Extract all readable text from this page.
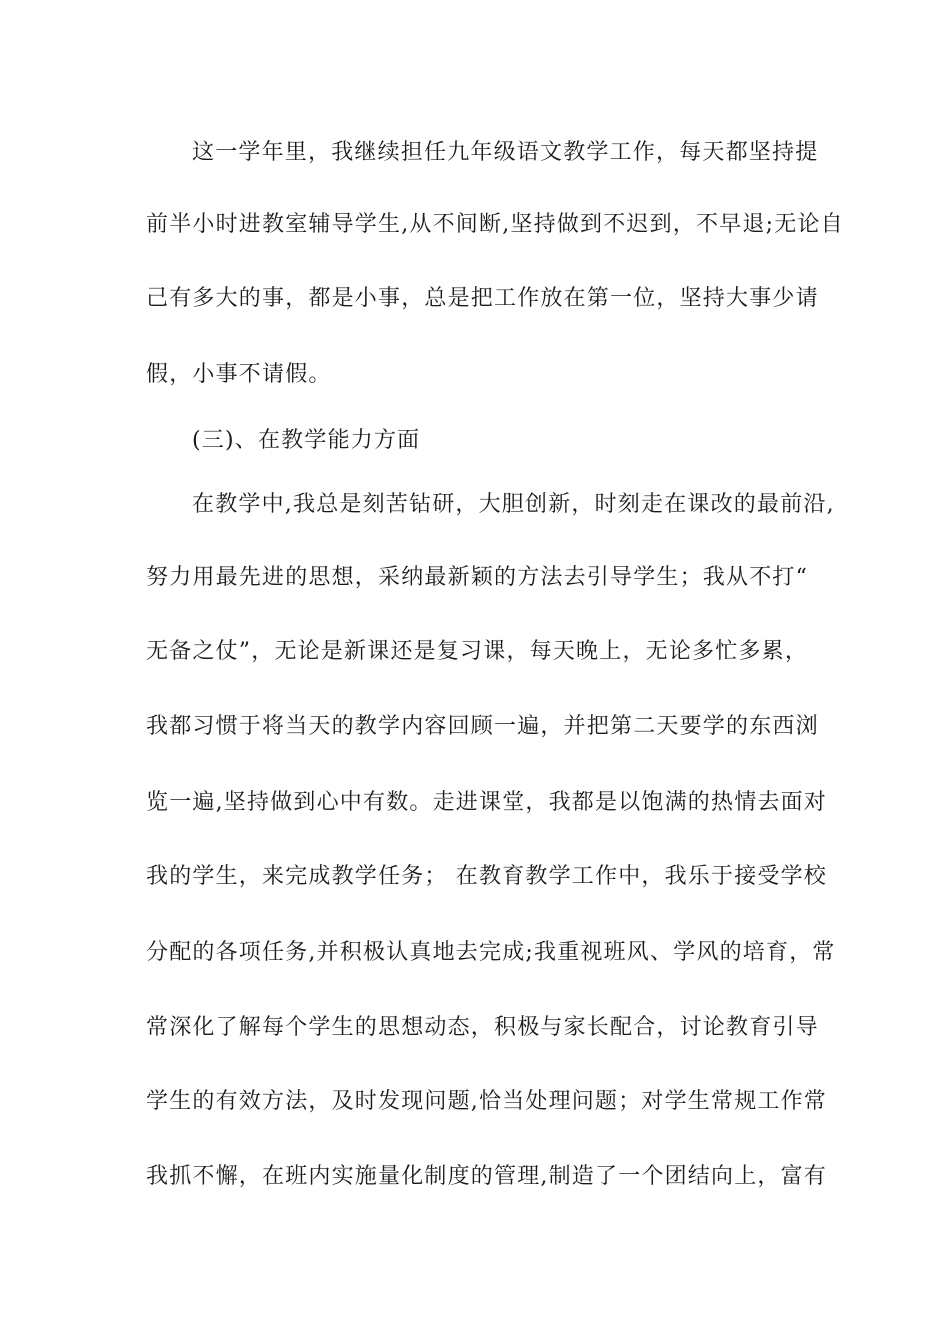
这一学年里，我继续担任九年级语文教学工作，每天都坚持提
前半小时进教室辅导学生,从不间断,坚持做到不迟到，不早退;无论自
己有多大的事，都是小事，总是把工作放在第一位，坚持大事少请
假，小事不请假。
(三)、在教学能力方面
在教学中,我总是刻苦钻研，大胆创新，时刻走在课改的最前沿,
努力用最先进的思想，采纳最新颖的方法去引导学生；我从不打“
无备之仗”，无论是新课还是复习课，每天晚上，无论多忙多累，
我都习惯于将当天的教学内容回顾一遍，并把第二天要学的东西浏
览一遍,坚持做到心中有数。走进课堂，我都是以饱满的热情去面对
我的学生，来完成教学任务； 在教育教学工作中，我乐于接受学校
分配的各项任务,并积极认真地去完成;我重视班风、学风的培育，常
常深化了解每个学生的思想动态，积极与家长配合，讨论教育引导
学生的有效方法，及时发现问题,恰当处理问题；对学生常规工作常
我抓不懈，在班内实施量化制度的管理,制造了一个团结向上，富有
